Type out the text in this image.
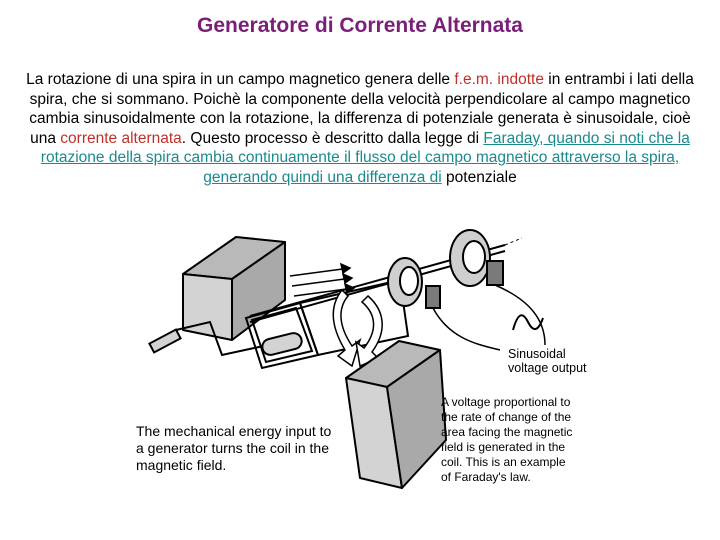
Generatore di Corrente Alternata
La rotazione di una spira in un campo magnetico genera delle f.e.m. indotte in entrambi i lati della spira, che si sommano. Poichè la componente della velocità perpendicolare al campo magnetico cambia sinusoidalmente con la rotazione, la differenza di potenziale generata è sinusoidale, cioè una corrente alternata. Questo processo è descritto dalla legge di Faraday, quando si noti che la rotazione della spira cambia continuamente il flusso del campo magnetico attraverso la spira, generando quindi una differenza di potenziale
Sinusoidal
voltage output
The mechanical energy input to
a generator turns the coil in the
magnetic field.
A voltage proportional to
the rate of change of the
area facing the magnetic
field is generated in the
coil. This is an example
of Faraday's law.
